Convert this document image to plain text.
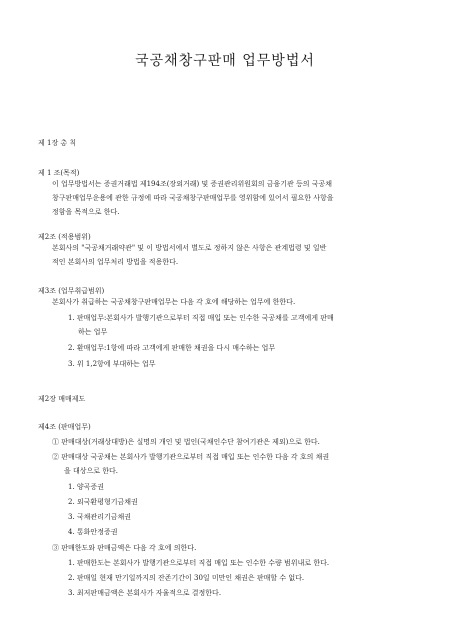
국공채창구판매 업무방법서
제 1장 총 칙
제 1 조(목적)
이 업무방법서는 증권거래법 제194조(장외거래) 및 증권관리위원회의 금융기관 등의 국공채
창구판매업무운용에 관한 규정에 따라 국공채창구판매업무를 영위함에 있어서 필요한 사항을
정함을 목적으로 한다.
제2조 (적용범위)
본회사의 "국공채거래약관" 및 이 방법서에서 별도로 정하지 않은 사항은 관계법령 및 일반
적인 본회사의 업무처리 방법을 적용한다.
제3조 (업무취급범위)
본회사가 취급하는 국공채창구판매업무는 다음 각 호에 해당하는 업무에 한한다.
1. 판매업무:본회사가 발행기관으로부터 직접 매입 또는 인수한 국공채를 고객에게 판매
하는 업무
2. 환매업무:1항에 따라 고객에게 판매한 채권을 다시 매수하는 업무
3. 위 1,2항에 부대하는 업무
제2장 매매제도
제4조 (판매업무)
① 판매대상(거래상대방)은 실명의 개인 및 법인(국채인수단 참여기관은 제외)으로 한다.
② 판매대상 국공채는 본회사가 발행기관으로부터 직접 매입 또는 인수한 다음 각 호의 채권
을 대상으로 한다.
1. 양곡증권
2. 외국환평형기금채권
3. 국채관리기금채권
4. 통화안정증권
③ 판매한도와 판매금액은 다음 각 호에 의한다.
1. 판매한도는 본회사가 발행기관으로부터 직접 매입 또는 인수한 수량 범위내로 한다.
2. 판매일 현재 만기일까지의 잔존기간이 30일 미만인 채권은 판매할 수 없다.
3. 최저판매금액은 본회사가 자율적으로 결정한다.
